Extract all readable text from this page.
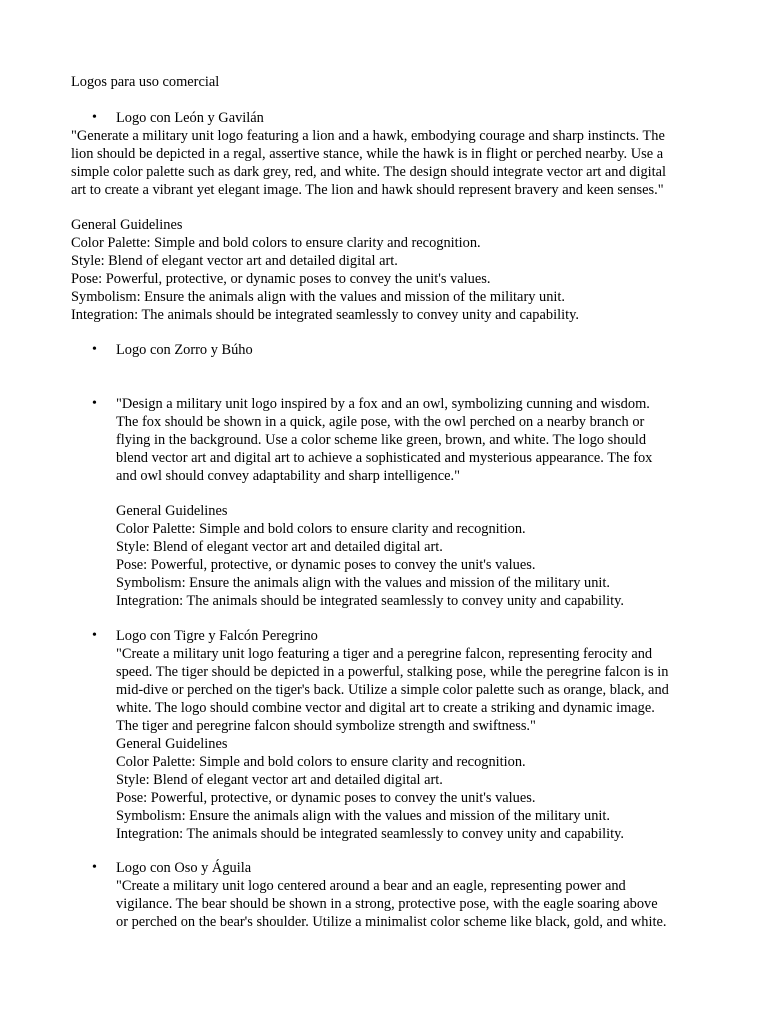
Logos para uso comercial
•	Logo con León y Gavilán
"Generate a military unit logo featuring a lion and a hawk, embodying courage and sharp instincts. The
lion should be depicted in a regal, assertive stance, while the hawk is in flight or perched nearby. Use a
simple color palette such as dark grey, red, and white. The design should integrate vector art and digital
art to create a vibrant yet elegant image. The lion and hawk should represent bravery and keen senses."
General Guidelines
Color Palette: Simple and bold colors to ensure clarity and recognition.
Style: Blend of elegant vector art and detailed digital art.
Pose: Powerful, protective, or dynamic poses to convey the unit's values.
Symbolism: Ensure the animals align with the values and mission of the military unit.
Integration: The animals should be integrated seamlessly to convey unity and capability.
•	Logo con Zorro y Búho
•	"Design a military unit logo inspired by a fox and an owl, symbolizing cunning and wisdom.
The fox should be shown in a quick, agile pose, with the owl perched on a nearby branch or
flying in the background. Use a color scheme like green, brown, and white. The logo should
blend vector art and digital art to achieve a sophisticated and mysterious appearance. The fox
and owl should convey adaptability and sharp intelligence."
General Guidelines
Color Palette: Simple and bold colors to ensure clarity and recognition.
Style: Blend of elegant vector art and detailed digital art.
Pose: Powerful, protective, or dynamic poses to convey the unit's values.
Symbolism: Ensure the animals align with the values and mission of the military unit.
Integration: The animals should be integrated seamlessly to convey unity and capability.
•	Logo con Tigre y Falcón Peregrino
"Create a military unit logo featuring a tiger and a peregrine falcon, representing ferocity and
speed. The tiger should be depicted in a powerful, stalking pose, while the peregrine falcon is in
mid-dive or perched on the tiger's back. Utilize a simple color palette such as orange, black, and
white. The logo should combine vector and digital art to create a striking and dynamic image.
The tiger and peregrine falcon should symbolize strength and swiftness."
General Guidelines
Color Palette: Simple and bold colors to ensure clarity and recognition.
Style: Blend of elegant vector art and detailed digital art.
Pose: Powerful, protective, or dynamic poses to convey the unit's values.
Symbolism: Ensure the animals align with the values and mission of the military unit.
Integration: The animals should be integrated seamlessly to convey unity and capability.
•	Logo con Oso y Águila
"Create a military unit logo centered around a bear and an eagle, representing power and
vigilance. The bear should be shown in a strong, protective pose, with the eagle soaring above
or perched on the bear's shoulder. Utilize a minimalist color scheme like black, gold, and white.
